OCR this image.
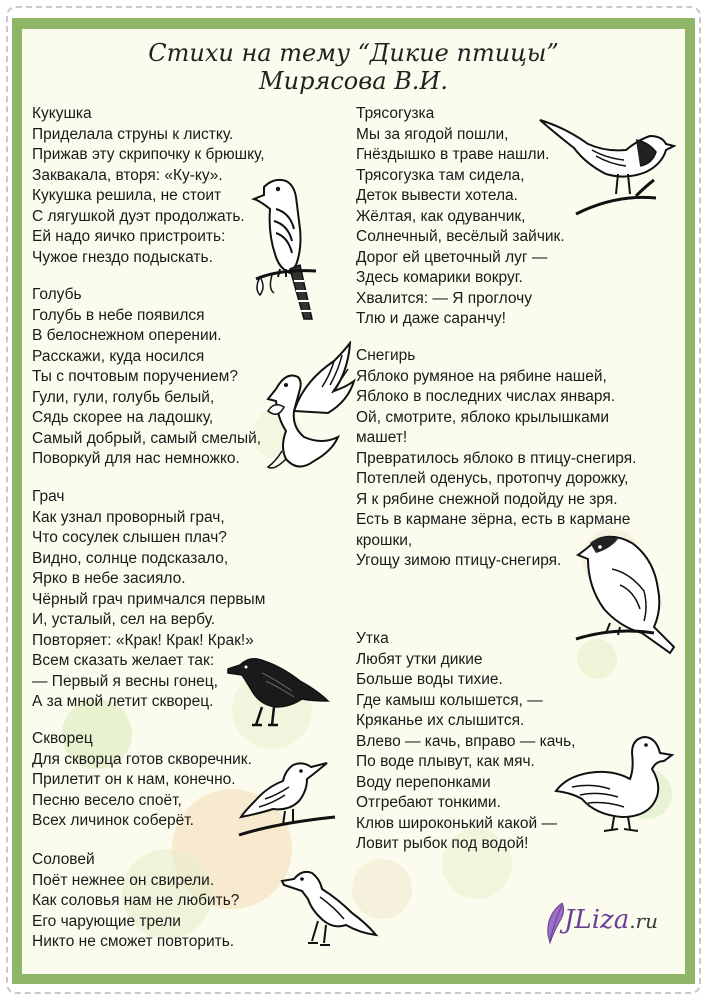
Стихи на тему “Дикие птицы”
Мирясова В.И.
Кукушка
Приделала струны к листку.
Прижав эту скрипочку к брюшку,
Заквакала, вторя: «Ку-ку».
Кукушка решила, не стоит
С лягушкой дуэт продолжать.
Ей надо яичко пристроить:
Чужое гнездо подыскать.
Голубь
Голубь в небе появился
В белоснежном оперении.
Расскажи, куда носился
Ты с почтовым поручением?
Гули, гули, голубь белый,
Сядь скорее на ладошку,
Самый добрый, самый смелый,
Поворкуй для нас немножко.
Грач
Как узнал проворный грач,
Что сосулек слышен плач?
Видно, солнце подсказало,
Ярко в небе засияло.
Чёрный грач примчался первым
И, усталый, сел на вербу.
Повторяет: «Крак! Крак! Крак!»
Всем сказать желает так:
— Первый я весны гонец,
А за мной летит скворец.
Скворец
Для скворца готов скворечник.
Прилетит он к нам, конечно.
Песню весело споёт,
Всех личинок соберёт.
Соловей
Поёт нежнее он свирели.
Как соловья нам не любить?
Его чарующие трели
Никто не сможет повторить.
Трясогузка
Мы за ягодой пошли,
Гнёздышко в траве нашли.
Трясогузка там сидела,
Деток вывести хотела.
Жёлтая, как одуванчик,
Солнечный, весёлый зайчик.
Дорог ей цветочный луг —
Здесь комарики вокруг.
Хвалится: — Я проглочу
Тлю и даже саранчу!
Снегирь
Яблоко румяное на рябине нашей,
Яблоко в последних числах января.
Ой, смотрите, яблоко крылышками
машет!
Превратилось яблоко в птицу-снегиря.
Потеплей оденусь, протопчу дорожку,
Я к рябине снежной подойду не зря.
Есть в кармане зёрна, есть в кармане
крошки,
Угощу зимою птицу-снегиря.
Утка
Любят утки дикие
Больше воды тихие.
Где камыш колышется, —
Кряканье их слышится.
Влево — качь, вправо — качь,
По воде плывут, как мяч.
Воду перепонками
Отгребают тонкими.
Клюв широконький какой —
Ловит рыбок под водой!
JLiza.ru
